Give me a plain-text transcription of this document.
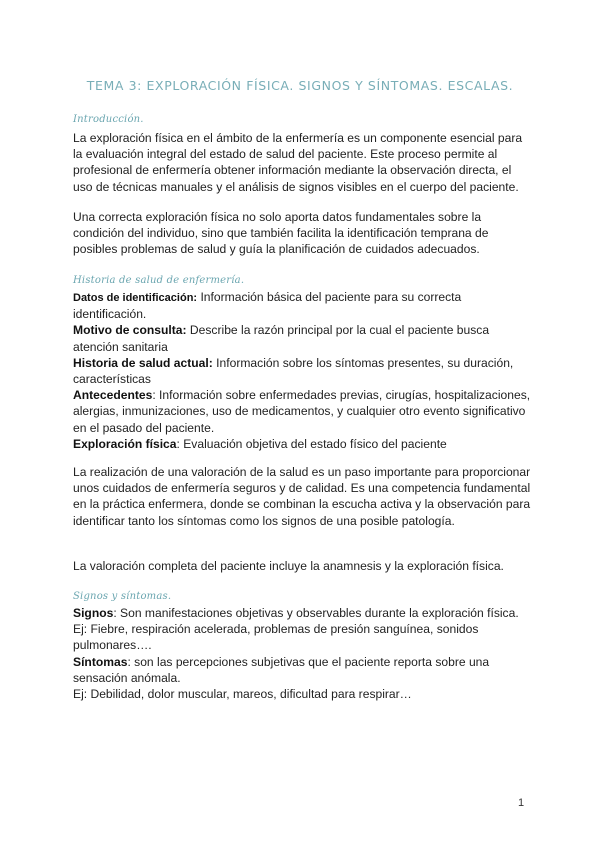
TEMA 3: EXPLORACIÓN FÍSICA. SIGNOS Y SÍNTOMAS. ESCALAS.
Introducción.

La exploración física en el ámbito de la enfermería es un componente esencial para la evaluación integral del estado de salud del paciente. Este proceso permite al profesional de enfermería obtener información mediante la observación directa, el uso de técnicas manuales y el análisis de signos visibles en el cuerpo del paciente.

Una correcta exploración física no solo aporta datos fundamentales sobre la condición del individuo, sino que también facilita la identificación temprana de posibles problemas de salud y guía la planificación de cuidados adecuados.

Historia de salud de enfermería.

Datos de identificación: Información básica del paciente para su correcta identificación.

Motivo de consulta: Describe la razón principal por la cual el paciente busca atención sanitaria

Historia de salud actual: Información sobre los síntomas presentes, su duración, características

Antecedentes: Información sobre enfermedades previas, cirugías, hospitalizaciones, alergias, inmunizaciones, uso de medicamentos, y cualquier otro evento significativo en el pasado del paciente.

Exploración física: Evaluación objetiva del estado físico del paciente

La realización de una valoración de la salud es un paso importante para proporcionar unos cuidados de enfermería seguros y de calidad. Es una competencia fundamental en la práctica enfermera, donde se combinan la escucha activa y la observación para identificar tanto los síntomas como los signos de una posible patología.

La valoración completa del paciente incluye la anamnesis y la exploración física.

Signos y síntomas.

Signos: Son manifestaciones objetivas y observables durante la exploración física.

Ej: Fiebre, respiración acelerada, problemas de presión sanguínea, sonidos pulmonares….

Síntomas: son las percepciones subjetivas que el paciente reporta sobre una sensación anómala.

Ej: Debilidad, dolor muscular, mareos, dificultad para respirar…

1
